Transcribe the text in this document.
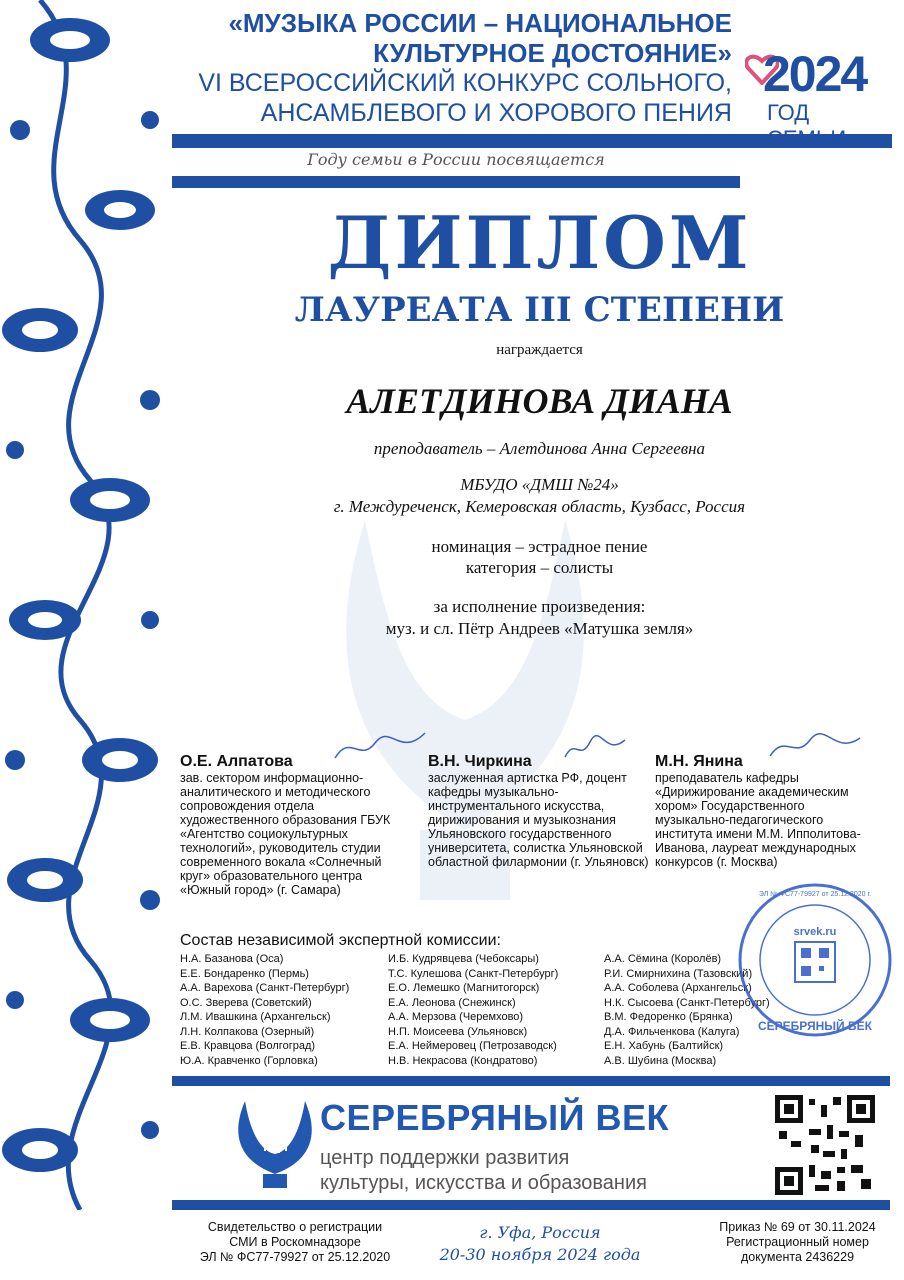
«МУЗЫКА РОССИИ – НАЦИОНАЛЬНОЕ
КУЛЬТУРНОЕ ДОСТОЯНИЕ»
VI ВСЕРОССИЙСКИЙ КОНКУРС СОЛЬНОГО,
АНСАМБЛЕВОГО И ХОРОВОГО ПЕНИЯ
Году семьи в России посвящается
2024
ГОД СЕМЬИ
ДИПЛОМ
ЛАУРЕАТА III СТЕПЕНИ
награждается
АЛЕТДИНОВА ДИАНА
преподаватель – Алетдинова Анна Сергеевна
МБУДО «ДМШ №24»
г. Междуреченск, Кемеровская область, Кузбасс, Россия
номинация – эстрадное пение
категория – солисты
за исполнение произведения:
муз. и сл. Пётр Андреев «Матушка земля»
О.Е. Алпатова
зав. сектором информационно-аналитического и методического сопровождения отдела художественного образования ГБУК «Агентство социокультурных технологий», руководитель студии современного вокала «Солнечный круг» образовательного центра «Южный город» (г. Самара)
В.Н. Чиркина
заслуженная артистка РФ, доцент кафедры музыкально-инструментального искусства, дирижирования и музыкознания Ульяновского государственного университета, солистка Ульяновской областной филармонии (г. Ульяновск)
М.Н. Янина
преподаватель кафедры «Дирижирование академическим хором» Государственного музыкально-педагогического института имени М.М. Ипполитова-Иванова, лауреат международных конкурсов (г. Москва)
Состав независимой экспертной комиссии:
Н.А. Базанова (Оса)
Е.Е. Бондаренко (Пермь)
А.А. Варехова (Санкт-Петербург)
О.С. Зверева (Советский)
Л.М. Ивашкина (Архангельск)
Л.Н. Колпакова (Озерный)
Е.В. Кравцова (Волгоград)
Ю.А. Кравченко (Горловка)
И.Б. Кудрявцева (Чебоксары)
Т.С. Кулешова (Санкт-Петербург)
Е.О. Лемешко (Магнитогорск)
Е.А. Леонова (Снежинск)
А.А. Мерзова (Черемхово)
Н.П. Моисеева (Ульяновск)
Е.А. Неймеровец (Петрозаводск)
Н.В. Некрасова (Кондратово)
А.А. Сёмина (Королёв)
Р.И. Смирнихина (Тазовский)
А.А. Соболева (Архангельск)
Н.К. Сысоева (Санкт-Петербург)
В.М. Федоренко (Брянка)
Д.А. Фильченкова (Калуга)
Е.Н. Хабунь (Балтийск)
А.В. Шубина (Москва)
СЕРЕБРЯНЫЙ ВЕК
ЭЛ № ФС77-79927 от 25.12.2020 г.
srvek.ru
СЕРЕБРЯНЫЙ ВЕК
центр поддержки развития
культуры, искусства и образования
Свидетельство о регистрации
СМИ в Роскомнадзоре
ЭЛ № ФС77-79927 от 25.12.2020
г. Уфа, Россия
20-30 ноября 2024 года
Приказ № 69 от 30.11.2024
Регистрационный номер
документа 2436229
